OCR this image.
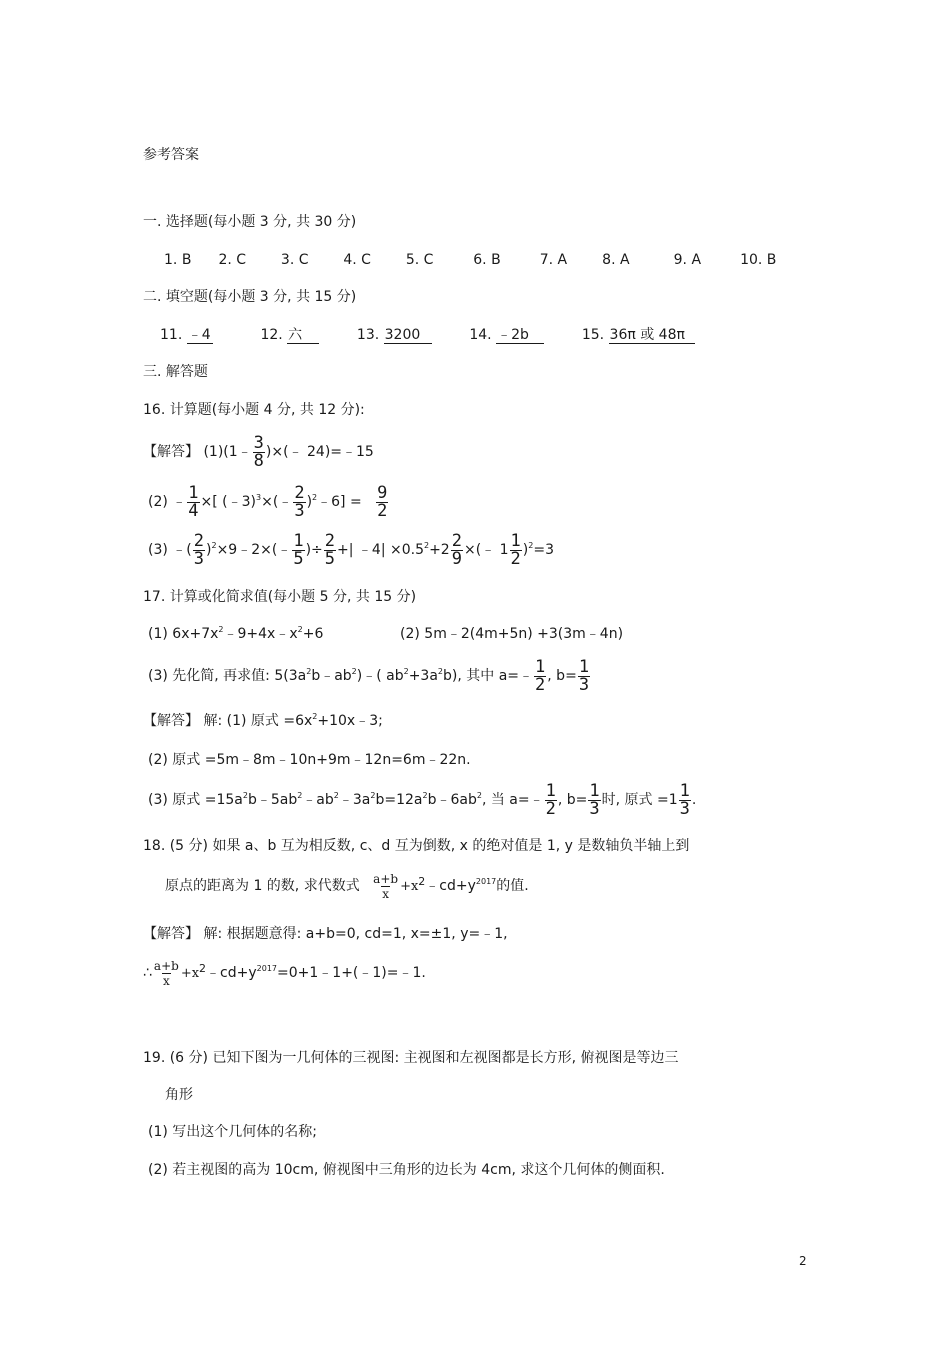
参考答案
一. 选择题(每小题 3 分, 共 30 分)
1. B 2. C 3. C 4. C 5. C	6. B	7. A	8. A	9. A	10. B
二. 填空题(每小题 3 分, 共 15 分)
11. ﹣4	12. 六	13. 3200	14. ﹣2b	15. 36π 或 48π
三. 解答题
16. 计算题(每小题 4 分, 共 12 分):
【解答】 (1)(1﹣ $\frac{3}{8}$ )×(﹣ 24)=﹣15
(2) ﹣ $\frac{1}{4}$ ×[ (﹣3)$^3$×(﹣ $\frac{2}{3}$ )$^2$﹣6] = $\frac{9}{2}$
(3) ﹣( $\frac{2}{3}$ )$^2$×9﹣2×(﹣ $\frac{1}{5}$ )÷ $\frac{2}{5}$ +| ﹣4| $\times 0.5^2+2 \frac{2}{9}$ ×(﹣ $1 \frac{1}{2} )^2=3$
17. 计算或化简求值(每小题 5 分, 共 15 分)
(1) $6x+7x^2﹣9+4x﹣x^2+6$	(2) 5m﹣2(4m+5n) +3(3m﹣4n)
(3) 先化简, 再求值: $5(3a^2b﹣ab^2)﹣$( $ab^2+3a^2b$), 其中 a=﹣ $\frac{1}{2}$ , $b= \frac{1}{3}$
【解答】 解: (1) 原式 $=6x^2+10x﹣3$;
(2) 原式 =5m﹣8m﹣10n+9m﹣12n=6m﹣22n.
(3) 原式 $=15a^2b﹣5ab^2﹣ab^2﹣3a^2b=12a^2b﹣6ab^2$, 当 a=﹣ $\frac{1}{2}$ , $b= \frac{1}{3}$ 时, 原式 $=1 \frac{1}{3}$ .
18. (5 分) 如果 a、b 互为相反数, c、d 互为倒数, x 的绝对值是 1, y 是数轴负半轴上到
原点的距离为 1 的数, 求代数式 $\frac{a+b}{x}$ $+x^2﹣cd+y^{2017}$的值.
【解答】 解: 根据题意得: a+b=0, cd=1, x=±1, y=﹣1,
∴ $\frac{a+b}{x}$ $+x^2﹣cd+y^{2017}=0+1﹣1+(﹣1)=﹣1$.
19. (6 分) 已知下图为一几何体的三视图: 主视图和左视图都是长方形, 俯视图是等边三
角形
(1) 写出这个几何体的名称;
(2) 若主视图的高为 10cm, 俯视图中三角形的边长为 4cm, 求这个几何体的侧面积.
2
